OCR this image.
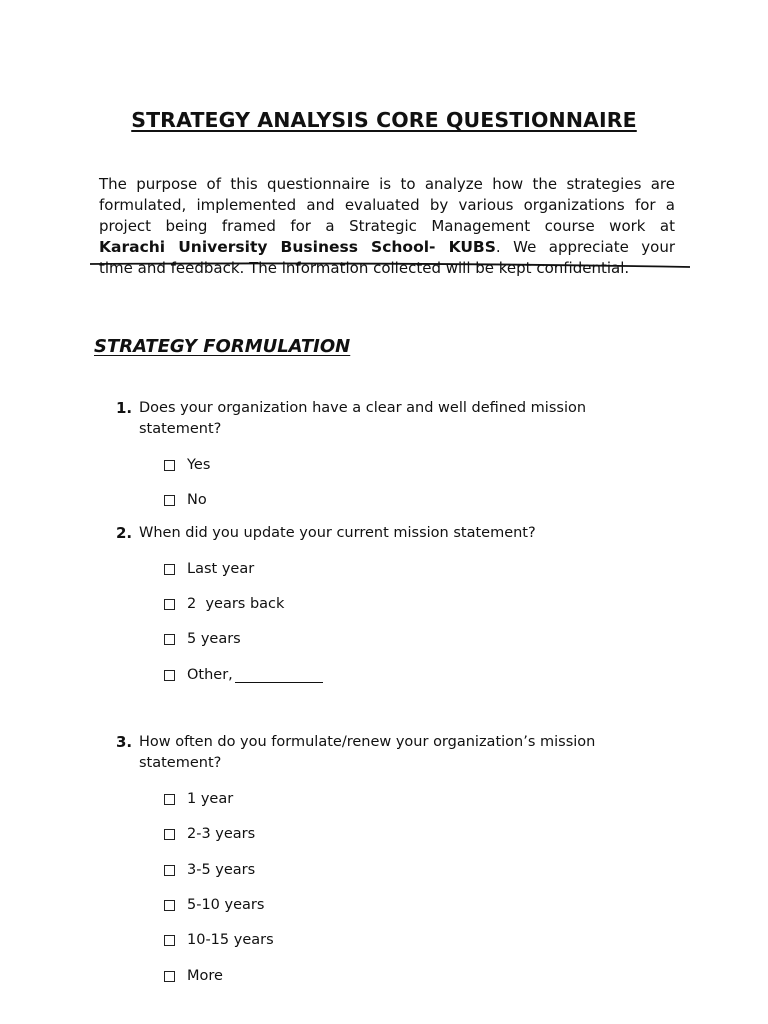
STRATEGY ANALYSIS CORE QUESTIONNAIRE
The purpose of this questionnaire is to analyze how the strategies are
formulated, implemented and evaluated by various organizations for a
project being framed for a Strategic Management course work at
Karachi University Business School- KUBS. We appreciate your
time and feedback. The information collected will be kept confidential.
STRATEGY FORMULATION
1. Does your organization have a clear and well defined mission statement?
Yes
No
2. When did you update your current mission statement?
Last year
2  years back
5 years
Other,
3. How often do you formulate/renew your organization’s mission statement?
1 year
2-3 years
3-5 years
5-10 years
10-15 years
More
